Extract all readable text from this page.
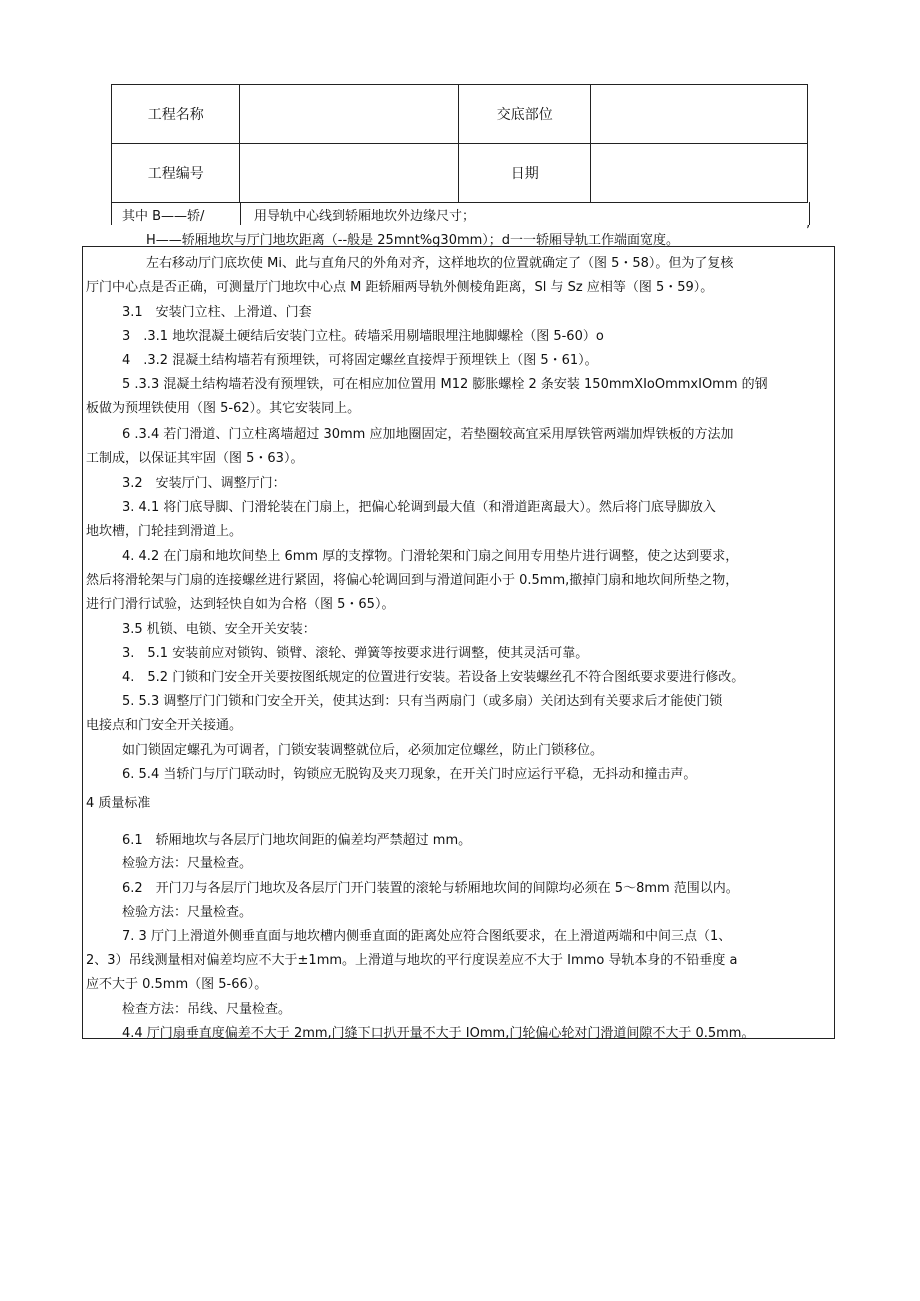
工程名称		交底部位	
工程编号		日期	
其中 B——轿/	用导轨中心线到轿厢地坎外边缘尺寸；
H——轿厢地坎与厅门地坎距离（--般是 25mnt%g30mm）；d一一轿厢导轨工作端面宽度。
’
左右移动厅门底坎使 Mi、此与直角尺的外角对齐，这样地坎的位置就确定了（图 5・58）。但为了复核
厅门中心点是否正确，可测量厅门地坎中心点 M 距轿厢两导轨外侧棱角距离，Sl 与 Sz 应相等（图 5・59）。
3.1　安装门立柱、上滑道、门套
3　.3.1 地坎混凝土硬结后安装门立柱。砖墙采用剔墙眼埋注地脚螺栓（图 5-60）o
4　.3.2 混凝土结构墙若有预埋铁，可将固定螺丝直接焊于预埋铁上（图 5・61）。
5 .3.3 混凝土结构墙若没有预埋铁，可在相应加位置用 M12 膨胀螺栓 2 条安装 150mmXIoOmmxIOmm 的钢
板做为预埋铁使用（图 5-62）。其它安装同上。
6 .3.4 若门滑道、门立柱离墙超过 30mm 应加地圈固定，若垫圈较高宜采用厚铁管两端加焊铁板的方法加
工制成，以保证其牢固（图 5・63）。
3.2　安装厅门、调整厅门：
3. 4.1 将门底导脚、门滑轮装在门扇上，把偏心轮调到最大值（和滑道距离最大）。然后将门底导脚放入
地坎槽，门轮挂到滑道上。
4. 4.2 在门扇和地坎间垫上 6mm 厚的支撑物。门滑轮架和门扇之间用专用垫片进行调整，使之达到要求，
然后将滑轮架与门扇的连接螺丝进行紧固，将偏心轮调回到与滑道间距小于 0.5mm,撤掉门扇和地坎间所垫之物，
进行门滑行试验，达到轻快自如为合格（图 5・65）。
3.5 机锁、电锁、安全开关安装：
3.　5.1 安装前应对锁钩、锁臂、滚轮、弹簧等按要求进行调整，使其灵活可靠。
4.　5.2 门锁和门安全开关要按图纸规定的位置进行安装。若设备上安装螺丝孔不符合图纸要求要进行修改。
5. 5.3 调整厅门门锁和门安全开关，使其达到：只有当两扇门（或多扇）关闭达到有关要求后才能使门锁
电接点和门安全开关接通。
如门锁固定螺孔为可调者，门锁安装调整就位后，必须加定位螺丝，防止门锁移位。
6. 5.4 当轿门与厅门联动时，钩锁应无脱钩及夹刀现象，在开关门时应运行平稳，无抖动和撞击声。
4 质量标准
6.1　轿厢地坎与各层厅门地坎间距的偏差均严禁超过 mm。
检验方法：尺量检查。
6.2　开门刀与各层厅门地坎及各层厅门开门装置的滚轮与轿厢地坎间的间隙均必须在 5～8mm 范围以内。
检验方法：尺量检查。
7. 3 厅门上滑道外侧垂直面与地坎槽内侧垂直面的距离处应符合图纸要求，在上滑道两端和中间三点（1、
2、3）吊线测量相对偏差均应不大于±1mm。上滑道与地坎的平行度误差应不大于 Immo 导轨本身的不铅垂度 a
应不大于 0.5mm（图 5-66）。
检查方法：吊线、尺量检查。
4.4 厅门扇垂直度偏差不大于 2mm,门缝下口扒开量不大于 IOmm,门轮偏心轮对门滑道间隙不大于 0.5mm。
